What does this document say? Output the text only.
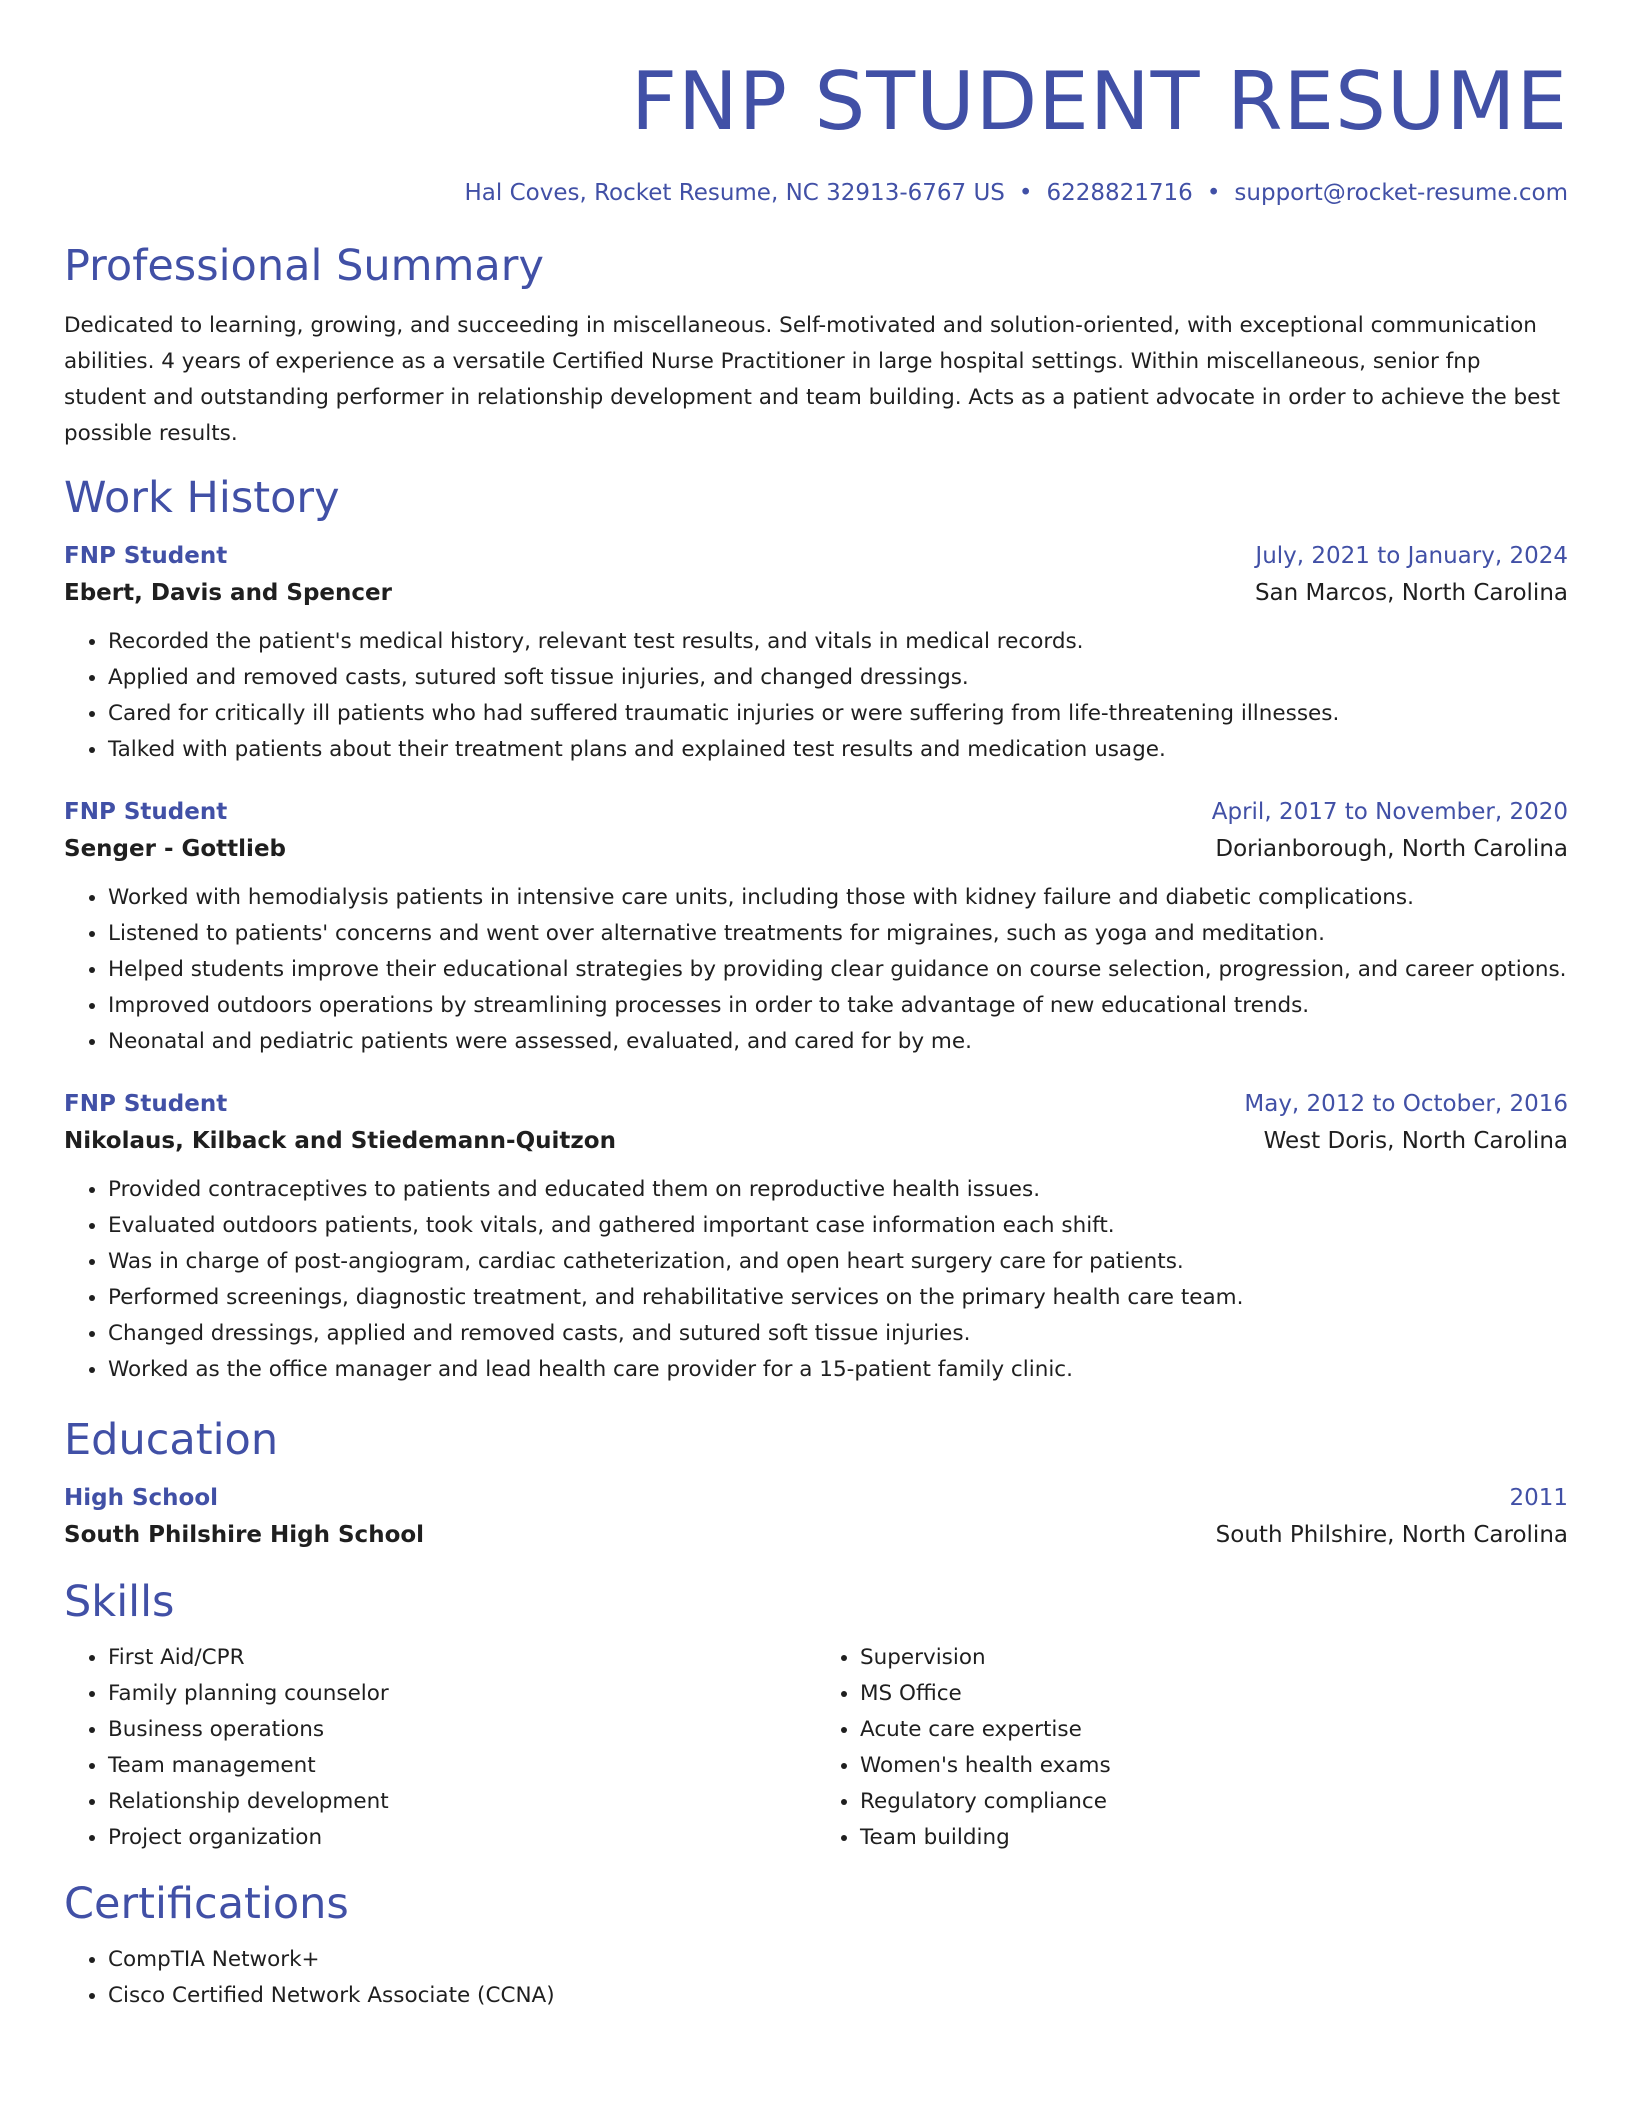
FNP STUDENT RESUME
Hal Coves, Rocket Resume, NC 32913-6767 US • 6228821716 • support@rocket-resume.com
Professional Summary
Dedicated to learning, growing, and succeeding in miscellaneous. Self-motivated and solution-oriented, with exceptional communication abilities. 4 years of experience as a versatile Certified Nurse Practitioner in large hospital settings. Within miscellaneous, senior fnp student and outstanding performer in relationship development and team building. Acts as a patient advocate in order to achieve the best possible results.
Work History
FNP Student	July, 2021 to January, 2024
Ebert, Davis and Spencer	San Marcos, North Carolina
• Recorded the patient's medical history, relevant test results, and vitals in medical records.
• Applied and removed casts, sutured soft tissue injuries, and changed dressings.
• Cared for critically ill patients who had suffered traumatic injuries or were suffering from life-threatening illnesses.
• Talked with patients about their treatment plans and explained test results and medication usage.
FNP Student	April, 2017 to November, 2020
Senger - Gottlieb	Dorianborough, North Carolina
• Worked with hemodialysis patients in intensive care units, including those with kidney failure and diabetic complications.
• Listened to patients' concerns and went over alternative treatments for migraines, such as yoga and meditation.
• Helped students improve their educational strategies by providing clear guidance on course selection, progression, and career options.
• Improved outdoors operations by streamlining processes in order to take advantage of new educational trends.
• Neonatal and pediatric patients were assessed, evaluated, and cared for by me.
FNP Student	May, 2012 to October, 2016
Nikolaus, Kilback and Stiedemann-Quitzon	West Doris, North Carolina
• Provided contraceptives to patients and educated them on reproductive health issues.
• Evaluated outdoors patients, took vitals, and gathered important case information each shift.
• Was in charge of post-angiogram, cardiac catheterization, and open heart surgery care for patients.
• Performed screenings, diagnostic treatment, and rehabilitative services on the primary health care team.
• Changed dressings, applied and removed casts, and sutured soft tissue injuries.
• Worked as the office manager and lead health care provider for a 15-patient family clinic.
Education
High School	2011
South Philshire High School	South Philshire, North Carolina
Skills
• First Aid/CPR
• Family planning counselor
• Business operations
• Team management
• Relationship development
• Project organization
• Supervision
• MS Office
• Acute care expertise
• Women's health exams
• Regulatory compliance
• Team building
Certifications
• CompTIA Network+
• Cisco Certified Network Associate (CCNA)
